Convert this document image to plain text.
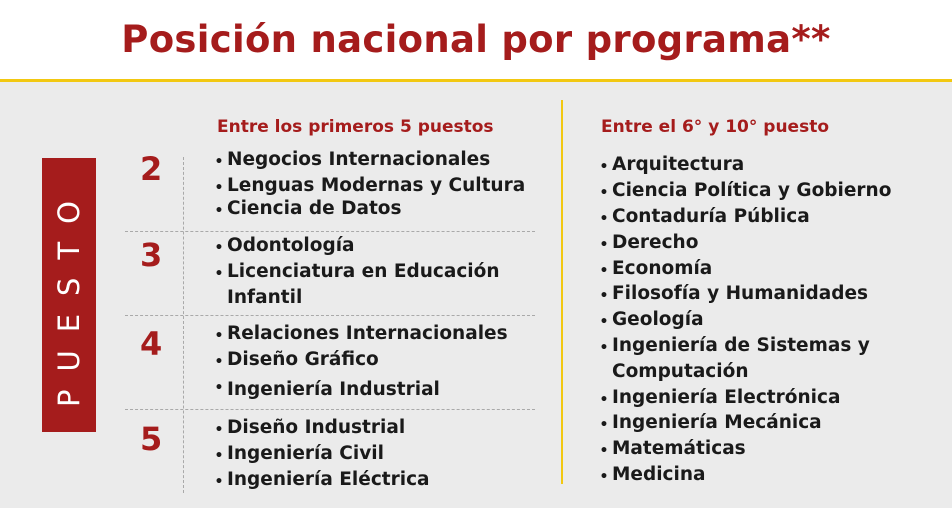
Posición nacional por programa**
PUESTO
Entre los primeros 5 puestos
2
3
4
5
• Negocios Internacionales
• Lenguas Modernas y Cultura
• Ciencia de Datos
• Odontología
• Licenciatura en Educación
Infantil
• Relaciones Internacionales
• Diseño Gráfico
• Ingeniería Industrial
• Diseño Industrial
• Ingeniería Civil
• Ingeniería Eléctrica
Entre el 6° y 10° puesto
• Arquitectura
• Ciencia Política y Gobierno
• Contaduría Pública
• Derecho
• Economía
• Filosofía y Humanidades
• Geología
• Ingeniería de Sistemas y
Computación
• Ingeniería Electrónica
• Ingeniería Mecánica
• Matemáticas
• Medicina
